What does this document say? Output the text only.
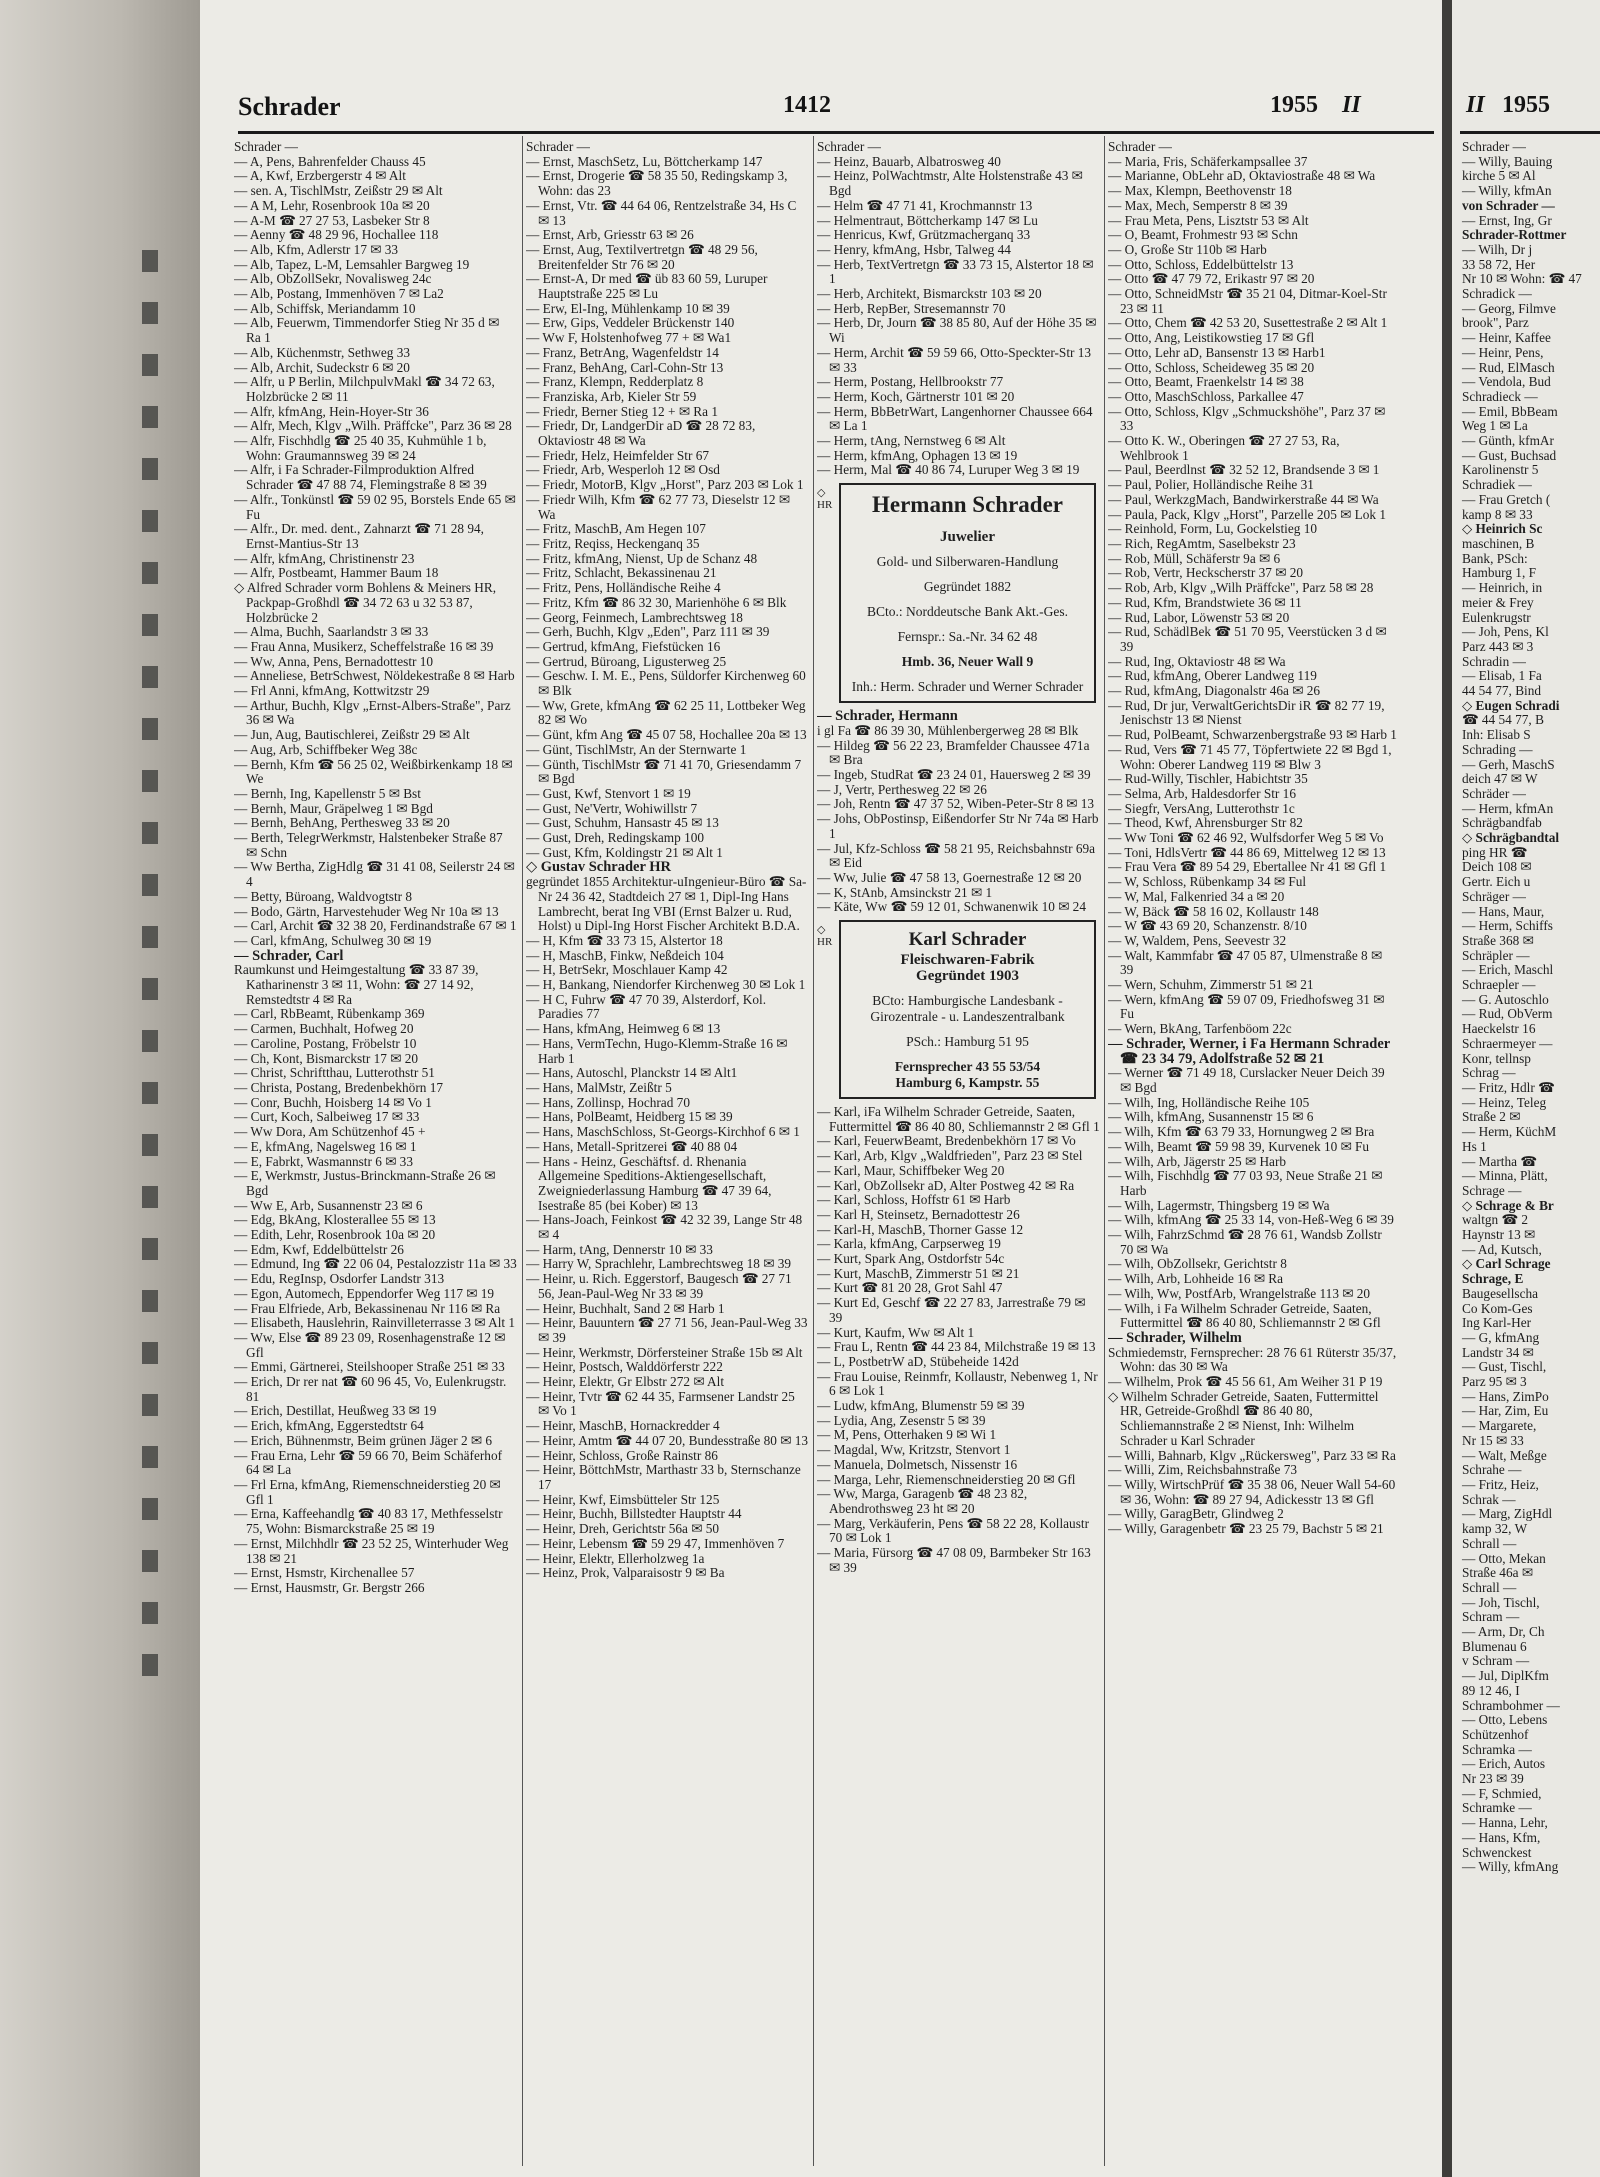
Schrader	1412	1955 II

Schrader —

— A, Pens, Bahrenfelder Chauss 45

— A, Kwf, Erzbergerstr 4 ✉ Alt

— sen. A, TischlMstr, Zeißstr 29 ✉ Alt

— A M, Lehr, Rosenbrook 10a ✉ 20

— A-M ☎ 27 27 53, Lasbeker Str 8

— Aenny ☎ 48 29 96, Hochallee 118

— Alb, Kfm, Adlerstr 17 ✉ 33

— Alb, Tapez, L-M, Lemsahler Bargweg 19

— Alb, ObZollSekr, Novalisweg 24c

— Alb, Postang, Immenhöven 7 ✉ La2

— Alb, Schiffsk, Meriandamm 10

— Alb, Feuerwm, Timmendorfer Stieg Nr 35 d ✉ Ra 1

— Alb, Küchenmstr, Sethweg 33

— Alb, Archit, Sudeckstr 6 ✉ 20

— Alfr, u P Berlin, MilchpulvMakl ☎ 34 72 63, Holzbrücke 2 ✉ 11

— Alfr, kfmAng, Hein-Hoyer-Str 36

— Alfr, Mech, Klgv „Wilh. Präffcke", Parz 36 ✉ 28

— Alfr, Fischhdlg ☎ 25 40 35, Kuhmühle 1 b, Wohn: Graumannsweg 39 ✉ 24

— Alfr, i Fa Schrader-Filmproduktion Alfred Schrader ☎ 47 88 74, Flemingstraße 8 ✉ 39

— Alfr., Tonkünstl ☎ 59 02 95, Borstels Ende 65 ✉ Fu

— Alfr., Dr. med. dent., Zahnarzt ☎ 71 28 94, Ernst-Mantius-Str 13

— Alfr, kfmAng, Christinenstr 23

— Alfr, Postbeamt, Hammer Baum 18

◇ Alfred Schrader vorm Bohlens & Meiners HR, Packpap-Großhdl ☎ 34 72 63 u 32 53 87, Holzbrücke 2

— Alma, Buchh, Saarlandstr 3 ✉ 33

— Frau Anna, Musikerz, Scheffelstraße 16 ✉ 39

— Ww, Anna, Pens, Bernadottestr 10

— Anneliese, BetrSchwest, Nöldekestraße 8 ✉ Harb

— Frl Anni, kfmAng, Kottwitzstr 29

— Arthur, Buchh, Klgv „Ernst-Albers-Straße", Parz 36 ✉ Wa

— Jun, Aug, Bautischlerei, Zeißstr 29 ✉ Alt

— Aug, Arb, Schiffbeker Weg 38c

— Bernh, Kfm ☎ 56 25 02, Weißbirkenkamp 18 ✉ We

— Bernh, Ing, Kapellenstr 5 ✉ Bst

— Bernh, Maur, Gräpelweg 1 ✉ Bgd

— Bernh, BehAng, Perthesweg 33 ✉ 20

— Berth, TelegrWerkmstr, Halstenbeker Straße 87 ✉ Schn

— Ww Bertha, ZigHdlg ☎ 31 41 08, Seilerstr 24 ✉ 4

— Betty, Büroang, Waldvogtstr 8

— Bodo, Gärtn, Harvestehuder Weg Nr 10a ✉ 13

— Carl, Archit ☎ 32 38 20, Ferdinandstraße 67 ✉ 1

— Carl, kfmAng, Schulweg 30 ✉ 19

— Schrader, Carl

Raumkunst und Heimgestaltung ☎ 33 87 39, Katharinenstr 3 ✉ 11, Wohn: ☎ 27 14 92, Remstedtstr 4 ✉ Ra

— Carl, RbBeamt, Rübenkamp 369

— Carmen, Buchhalt, Hofweg 20

— Caroline, Postang, Fröbelstr 10

— Ch, Kont, Bismarckstr 17 ✉ 20

— Christ, Schriftthau, Lutterothstr 51

— Christa, Postang, Bredenbekhörn 17

— Conr, Buchh, Hoisberg 14 ✉ Vo 1

— Curt, Koch, Salbeiweg 17 ✉ 33

— Ww Dora, Am Schützenhof 45 +

— E, kfmAng, Nagelsweg 16 ✉ 1

— E, Fabrkt, Wasmannstr 6 ✉ 33

— E, Werkmstr, Justus-Brinckmann-Straße 26 ✉ Bgd

— Ww E, Arb, Susannenstr 23 ✉ 6

— Edg, BkAng, Klosterallee 55 ✉ 13

— Edith, Lehr, Rosenbrook 10a ✉ 20

— Edm, Kwf, Eddelbüttelstr 26

— Edmund, Ing ☎ 22 06 04, Pestalozzistr 11a ✉ 33

— Edu, RegInsp, Osdorfer Landstr 313

— Egon, Automech, Eppendorfer Weg 117 ✉ 19

— Frau Elfriede, Arb, Bekassinenau Nr 116 ✉ Ra

— Elisabeth, Hauslehrin, Rainvilleterrasse 3 ✉ Alt 1

— Ww, Else ☎ 89 23 09, Rosenhagenstraße 12 ✉ Gfl

— Emmi, Gärtnerei, Steilshooper Straße 251 ✉ 33

— Erich, Dr rer nat ☎ 60 96 45, Vo, Eulenkrugstr. 81

— Erich, Destillat, Heußweg 33 ✉ 19

— Erich, kfmAng, Eggerstedtstr 64

— Erich, Bühnenmstr, Beim grünen Jäger 2 ✉ 6

— Frau Erna, Lehr ☎ 59 66 70, Beim Schäferhof 64 ✉ La

— Frl Erna, kfmAng, Riemenschneiderstieg 20 ✉ Gfl 1

— Erna, Kaffeehandlg ☎ 40 83 17, Methfesselstr 75, Wohn: Bismarckstraße 25 ✉ 19

— Ernst, Milchhdlr ☎ 23 52 25, Winterhuder Weg 138 ✉ 21

— Ernst, Hsmstr, Kirchenallee 57

— Ernst, Hausmstr, Gr. Bergstr 266

Schrader —

— Ernst, MaschSetz, Lu, Böttcherkamp 147

— Ernst, Drogerie ☎ 58 35 50, Redingskamp 3, Wohn: das 23

— Ernst, Vtr. ☎ 44 64 06, Rentzelstraße 34, Hs C ✉ 13

— Ernst, Arb, Griesstr 63 ✉ 26

— Ernst, Aug, Textilvertretgn ☎ 48 29 56, Breitenfelder Str 76 ✉ 20

— Ernst-A, Dr med ☎ üb 83 60 59, Luruper Hauptstraße 225 ✉ Lu

— Erw, El-Ing, Mühlenkamp 10 ✉ 39

— Erw, Gips, Veddeler Brückenstr 140

— Ww F, Holstenhofweg 77 + ✉ Wa1

— Franz, BetrAng, Wagenfeldstr 14

— Franz, BehAng, Carl-Cohn-Str 13

— Franz, Klempn, Redderplatz 8

— Franziska, Arb, Kieler Str 59

— Friedr, Berner Stieg 12 + ✉ Ra 1

— Friedr, Dr, LandgerDir aD ☎ 28 72 83, Oktaviostr 48 ✉ Wa

— Friedr, Helz, Heimfelder Str 67

— Friedr, Arb, Wesperloh 12 ✉ Osd

— Friedr, MotorB, Klgv „Horst", Parz 203 ✉ Lok 1

— Friedr Wilh, Kfm ☎ 62 77 73, Dieselstr 12 ✉ Wa

— Fritz, MaschB, Am Hegen 107

— Fritz, Reqiss, Heckenganq 35

— Fritz, kfmAng, Nienst, Up de Schanz 48

— Fritz, Schlacht, Bekassinenau 21

— Fritz, Pens, Holländische Reihe 4

— Fritz, Kfm ☎ 86 32 30, Marienhöhe 6 ✉ Blk

— Georg, Feinmech, Lambrechtsweg 18

— Gerh, Buchh, Klgv „Eden", Parz 111 ✉ 39

— Gertrud, kfmAng, Fiefstücken 16

— Gertrud, Büroang, Ligusterweg 25

— Geschw. I. M. E., Pens, Süldorfer Kirchenweg 60 ✉ Blk

— Ww, Grete, kfmAng ☎ 62 25 11, Lottbeker Weg 82 ✉ Wo

— Günt, kfm Ang ☎ 45 07 58, Hochallee 20a ✉ 13

— Günt, TischlMstr, An der Sternwarte 1

— Günth, TischlMstr ☎ 71 41 70, Griesendamm 7 ✉ Bgd

— Gust, Kwf, Stenvort 1 ✉ 19

— Gust, Ne'Vertr, Wohiwillstr 7

— Gust, Schuhm, Hansastr 45 ✉ 13

— Gust, Dreh, Redingskamp 100

— Gust, Kfm, Koldingstr 21 ✉ Alt 1

◇ Gustav Schrader HR

gegründet 1855 Architektur-uIngenieur-Büro ☎ Sa-Nr 24 36 42, Stadtdeich 27 ✉ 1, Dipl-Ing Hans Lambrecht, berat Ing VBI (Ernst Balzer u. Rud, Holst) u Dipl-Ing Horst Fischer Architekt B.D.A.

— H, Kfm ☎ 33 73 15, Alstertor 18

— H, MaschB, Finkw, Neßdeich 104

— H, BetrSekr, Moschlauer Kamp 42

— H, Bankang, Niendorfer Kirchenweg 30 ✉ Lok 1

— H C, Fuhrw ☎ 47 70 39, Alsterdorf, Kol. Paradies 77

— Hans, kfmAng, Heimweg 6 ✉ 13

— Hans, VermTechn, Hugo-Klemm-Straße 16 ✉ Harb 1

— Hans, Autoschl, Planckstr 14 ✉ Alt1

— Hans, MalMstr, Zeißtr 5

— Hans, Zollinsp, Hochrad 70

— Hans, PolBeamt, Heidberg 15 ✉ 39

— Hans, MaschSchloss, St-Georgs-Kirchhof 6 ✉ 1

— Hans, Metall-Spritzerei ☎ 40 88 04

— Hans - Heinz, Geschäftsf. d. Rhenania Allgemeine Speditions-Aktiengesellschaft, Zweigniederlassung Hamburg ☎ 47 39 64, Isestraße 85 (bei Kober) ✉ 13

— Hans-Joach, Feinkost ☎ 42 32 39, Lange Str 48 ✉ 4

— Harm, tAng, Dennerstr 10 ✉ 33

— Harry W, Sprachlehr, Lambrechtsweg 18 ✉ 39

— Heinr, u. Rich. Eggerstorf, Baugesch ☎ 27 71 56, Jean-Paul-Weg Nr 33 ✉ 39

— Heinr, Buchhalt, Sand 2 ✉ Harb 1

— Heinr, Bauuntern ☎ 27 71 56, Jean-Paul-Weg 33 ✉ 39

— Heinr, Werkmstr, Dörfersteiner Straße 15b ✉ Alt

— Heinr, Postsch, Walddörferstr 222

— Heinr, Elektr, Gr Elbstr 272 ✉ Alt

— Heinr, Tvtr ☎ 62 44 35, Farmsener Landstr 25 ✉ Vo 1

— Heinr, MaschB, Hornackredder 4

— Heinr, Amtm ☎ 44 07 20, Bundesstraße 80 ✉ 13

— Heinr, Schloss, Große Rainstr 86

— Heinr, BöttchMstr, Marthastr 33 b, Sternschanze 17

— Heinr, Kwf, Eimsbütteler Str 125

— Heinr, Buchh, Billstedter Hauptstr 44

— Heinr, Dreh, Gerichtstr 56a ✉ 50

— Heinr, Lebensm ☎ 59 29 47, Immenhöven 7

— Heinr, Elektr, Ellerholzweg 1a

— Heinz, Prok, Valparaisostr 9 ✉ Ba

Schrader —

— Heinz, Bauarb, Albatrosweg 40

— Heinz, PolWachtmstr, Alte Holstenstraße 43 ✉ Bgd

— Helm ☎ 47 71 41, Krochmannstr 13

— Helmentraut, Böttcherkamp 147 ✉ Lu

— Henricus, Kwf, Grützmacherganq 33

— Henry, kfmAng, Hsbr, Talweg 44

— Herb, TextVertretgn ☎ 33 73 15, Alstertor 18 ✉ 1

— Herb, Architekt, Bismarckstr 103 ✉ 20

— Herb, RepBer, Stresemannstr 70

— Herb, Dr, Journ ☎ 38 85 80, Auf der Höhe 35 ✉ Wi

— Herm, Archit ☎ 59 59 66, Otto-Speckter-Str 13 ✉ 33

— Herm, Postang, Hellbrookstr 77

— Herm, Koch, Gärtnerstr 101 ✉ 20

— Herm, BbBetrWart, Langenhorner Chaussee 664 ✉ La 1

— Herm, tAng, Nernstweg 6 ✉ Alt

— Herm, kfmAng, Ophagen 13 ✉ 19

— Herm, Mal ☎ 40 86 74, Luruper Weg 3 ✉ 19

◇ HR	Hermann Schrader
Juwelier
Gold- und Silberwaren-Handlung
Gegründet 1882
BCto.: Norddeutsche Bank Akt.-Ges.
Fernspr.: Sa.-Nr. 34 62 48
Hmb. 36, Neuer Wall 9
Inh.: Herm. Schrader und Werner Schrader

— Schrader, Hermann

i gl Fa ☎ 86 39 30, Mühlenbergerweg 28 ✉ Blk

— Hildeg ☎ 56 22 23, Bramfelder Chaussee 471a ✉ Bra

— Ingeb, StudRat ☎ 23 24 01, Hauersweg 2 ✉ 39

— J, Vertr, Perthesweg 22 ✉ 26

— Joh, Rentn ☎ 47 37 52, Wiben-Peter-Str 8 ✉ 13

— Johs, ObPostinsp, Eißendorfer Str Nr 74a ✉ Harb 1

— Jul, Kfz-Schloss ☎ 58 21 95, Reichsbahnstr 69a ✉ Eid

— Ww, Julie ☎ 47 58 13, Goernestraße 12 ✉ 20

— K, StAnb, Amsinckstr 21 ✉ 1

— Käte, Ww ☎ 59 12 01, Schwanenwik 10 ✉ 24

◇ HR	Karl Schrader
Fleischwaren-Fabrik
Gegründet 1903
BCto: Hamburgische Landesbank - Girozentrale - u. Landeszentralbank
PSch.: Hamburg 51 95
Fernsprecher 43 55 53/54
Hamburg 6, Kampstr. 55

— Karl, iFa Wilhelm Schrader Getreide, Saaten, Futtermittel ☎ 86 40 80, Schliemannstr 2 ✉ Gfl 1

— Karl, FeuerwBeamt, Bredenbekhörn 17 ✉ Vo

— Karl, Arb, Klgv „Waldfrieden", Parz 23 ✉ Stel

— Karl, Maur, Schiffbeker Weg 20

— Karl, ObZollsekr aD, Alter Postweg 42 ✉ Ra

— Karl, Schloss, Hoffstr 61 ✉ Harb

— Karl H, Steinsetz, Bernadottestr 26

— Karl-H, MaschB, Thorner Gasse 12

— Karla, kfmAng, Carpserweg 19

— Kurt, Spark Ang, Ostdorfstr 54c

— Kurt, MaschB, Zimmerstr 51 ✉ 21

— Kurt ☎ 81 20 28, Grot Sahl 47

— Kurt Ed, Geschf ☎ 22 27 83, Jarrestraße 79 ✉ 39

— Kurt, Kaufm, Ww ✉ Alt 1

— Frau L, Rentn ☎ 44 23 84, Milchstraße 19 ✉ 13

— L, PostbetrW aD, Stübeheide 142d

— Frau Louise, Reinmfr, Kollaustr, Nebenweg 1, Nr 6 ✉ Lok 1

— Ludw, kfmAng, Blumenstr 59 ✉ 39

— Lydia, Ang, Zesenstr 5 ✉ 39

— M, Pens, Otterhaken 9 ✉ Wi 1

— Magdal, Ww, Kritzstr, Stenvort 1

— Manuela, Dolmetsch, Nissenstr 16

— Marga, Lehr, Riemenschneiderstieg 20 ✉ Gfl

— Ww, Marga, Garagenb ☎ 48 23 82, Abendrothsweg 23 ht ✉ 20

— Marg, Verkäuferin, Pens ☎ 58 22 28, Kollaustr 70 ✉ Lok 1

— Maria, Fürsorg ☎ 47 08 09, Barmbeker Str 163 ✉ 39

Schrader —

— Maria, Fris, Schäferkampsallee 37

— Marianne, ObLehr aD, Oktaviostraße 48 ✉ Wa

— Max, Klempn, Beethovenstr 18

— Max, Mech, Semperstr 8 ✉ 39

— Frau Meta, Pens, Lisztstr 53 ✉ Alt

— O, Beamt, Frohmestr 93 ✉ Schn

— O, Große Str 110b ✉ Harb

— Otto, Schloss, Eddelbüttelstr 13

— Otto ☎ 47 79 72, Erikastr 97 ✉ 20

— Otto, SchneidMstr ☎ 35 21 04, Ditmar-Koel-Str 23 ✉ 11

— Otto, Chem ☎ 42 53 20, Susettestraße 2 ✉ Alt 1

— Otto, Ang, Leistikowstieg 17 ✉ Gfl

— Otto, Lehr aD, Bansenstr 13 ✉ Harb1

— Otto, Schloss, Scheideweg 35 ✉ 20

— Otto, Beamt, Fraenkelstr 14 ✉ 38

— Otto, MaschSchloss, Parkallee 47

— Otto, Schloss, Klgv „Schmuckshöhe", Parz 37 ✉ 33

— Otto K. W., Oberingen ☎ 27 27 53, Ra, Wehlbrook 1

— Paul, Beerdlnst ☎ 32 52 12, Brandsende 3 ✉ 1

— Paul, Polier, Holländische Reihe 31

— Paul, WerkzgMach, Bandwirkerstraße 44 ✉ Wa

— Paula, Pack, Klgv „Horst", Parzelle 205 ✉ Lok 1

— Reinhold, Form, Lu, Gockelstieg 10

— Rich, RegAmtm, Saselbekstr 23

— Rob, Müll, Schäferstr 9a ✉ 6

— Rob, Vertr, Heckscherstr 37 ✉ 20

— Rob, Arb, Klgv „Wilh Präffcke", Parz 58 ✉ 28

— Rud, Kfm, Brandstwiete 36 ✉ 11

— Rud, Labor, Löwenstr 53 ✉ 20

— Rud, SchädlBek ☎ 51 70 95, Veerstücken 3 d ✉ 39

— Rud, Ing, Oktaviostr 48 ✉ Wa

— Rud, kfmAng, Oberer Landweg 119

— Rud, kfmAng, Diagonalstr 46a ✉ 26

— Rud, Dr jur, VerwaltGerichtsDir iR ☎ 82 77 19, Jenischstr 13 ✉ Nienst

— Rud, PolBeamt, Schwarzenbergstraße 93 ✉ Harb 1

— Rud, Vers ☎ 71 45 77, Töpfertwiete 22 ✉ Bgd 1, Wohn: Oberer Landweg 119 ✉ Blw 3

— Rud-Willy, Tischler, Habichtstr 35

— Selma, Arb, Haldesdorfer Str 16

— Siegfr, VersAng, Lutterothstr 1c

— Theod, Kwf, Ahrensburger Str 82

— Ww Toni ☎ 62 46 92, Wulfsdorfer Weg 5 ✉ Vo

— Toni, HdlsVertr ☎ 44 86 69, Mittelweg 12 ✉ 13

— Frau Vera ☎ 89 54 29, Ebertallee Nr 41 ✉ Gfl 1

— W, Schloss, Rübenkamp 34 ✉ Ful

— W, Mal, Falkenried 34 a ✉ 20

— W, Bäck ☎ 58 16 02, Kollaustr 148

— W ☎ 43 69 20, Schanzenstr. 8/10

— W, Waldem, Pens, Seevestr 32

— Walt, Kammfabr ☎ 47 05 87, Ulmenstraße 8 ✉ 39

— Wern, Schuhm, Zimmerstr 51 ✉ 21

— Wern, kfmAng ☎ 59 07 09, Friedhofsweg 31 ✉ Fu

— Wern, BkAng, Tarfenböom 22c

— Schrader, Werner, i Fa Hermann Schrader ☎ 23 34 79, Adolfstraße 52 ✉ 21

— Werner ☎ 71 49 18, Curslacker Neuer Deich 39 ✉ Bgd

— Wilh, Ing, Holländische Reihe 105

— Wilh, kfmAng, Susannenstr 15 ✉ 6

— Wilh, Kfm ☎ 63 79 33, Hornungweg 2 ✉ Bra

— Wilh, Beamt ☎ 59 98 39, Kurvenek 10 ✉ Fu

— Wilh, Arb, Jägerstr 25 ✉ Harb

— Wilh, Fischhdlg ☎ 77 03 93, Neue Straße 21 ✉ Harb

— Wilh, Lagermstr, Thingsberg 19 ✉ Wa

— Wilh, kfmAng ☎ 25 33 14, von-Heß-Weg 6 ✉ 39

— Wilh, FahrzSchmd ☎ 28 76 61, Wandsb Zollstr 70 ✉ Wa

— Wilh, ObZollsekr, Gerichtstr 8

— Wilh, Arb, Lohheide 16 ✉ Ra

— Wilh, Ww, PostfArb, Wrangelstraße 113 ✉ 20

— Wilh, i Fa Wilhelm Schrader Getreide, Saaten, Futtermittel ☎ 86 40 80, Schliemannstr 2 ✉ Gfl

— Schrader, Wilhelm

Schmiedemstr, Fernsprecher: 28 76 61 Rüterstr 35/37, Wohn: das 30 ✉ Wa

— Wilhelm, Prok ☎ 45 56 61, Am Weiher 31 P 19

◇ Wilhelm Schrader Getreide, Saaten, Futtermittel HR, Getreide-Großhdl ☎ 86 40 80, Schliemannstraße 2 ✉ Nienst, Inh: Wilhelm Schrader u Karl Schrader

— Willi, Bahnarb, Klgv „Rückersweg", Parz 33 ✉ Ra

— Willi, Zim, Reichsbahnstraße 73

— Willy, WirtschPrüf ☎ 35 38 06, Neuer Wall 54-60 ✉ 36, Wohn: ☎ 89 27 94, Adickesstr 13 ✉ Gfl

— Willy, GaragBetr, Glindweg 2

— Willy, Garagenbetr ☎ 23 25 79, Bachstr 5 ✉ 21

II 1955

Schrader —

— Willy, Bauing

kirche 5 ✉ Al

— Willy, kfmAn

von Schrader —

— Ernst, Ing, Gr

Schrader-Rottmer

— Wilh, Dr j

33 58 72, Her

Nr 10 ✉ Wohn: ☎ 47

Schradick —

— Georg, Filmve

brook", Parz

— Heinr, Kaffee

— Heinr, Pens,

— Rud, ElMasch

— Vendola, Bud

Schradieck —

— Emil, BbBeam

Weg 1 ✉ La

— Günth, kfmAr

— Gust, Buchsad

Karolinenstr 5

Schradiek —

— Frau Gretch (

kamp 8 ✉ 33

◇ Heinrich Sc

maschinen, B

Bank, PSch:

Hamburg 1, F

— Heinrich, in

meier & Frey

Eulenkrugstr

— Joh, Pens, Kl

Parz 443 ✉ 3

Schradin —

— Elisab, 1 Fa

44 54 77, Bind

◇ Eugen Schradi

☎ 44 54 77, B

Inh: Elisab S

Schrading —

— Gerh, MaschS

deich 47 ✉ W

Schräder —

— Herm, kfmAn

Schrägbandfab

◇ Schrägbandtal

ping HR ☎

Deich 108 ✉

Gertr. Eich u

Schräger —

— Hans, Maur,

— Herm, Schiffs

Straße 368 ✉

Schräpler —

— Erich, Maschl

Schraepler —

— G. Autoschlo

— Rud, ObVerm

Haeckelstr 16

Schraermeyer —

Konr, tellnsp

Schrag —

— Fritz, Hdlr ☎

— Heinz, Teleg

Straße 2 ✉

— Herm, KüchM

Hs 1

— Martha ☎

— Minna, Plätt,

Schrage —

◇ Schrage & Br

waltgn ☎ 2

Haynstr 13 ✉

— Ad, Kutsch,

◇ Carl Schrage

Schrage, E

Baugesellscha

Co Kom-Ges

Ing Karl-Her

— G, kfmAng

Landstr 34 ✉

— Gust, Tischl,

Parz 95 ✉ 3

— Hans, ZimPo

— Har, Zim, Eu

— Margarete,

Nr 15 ✉ 33

— Walt, Meßge

Schrahe —

— Fritz, Heiz,

Schrak —

— Marg, ZigHdl

kamp 32, W

Schrall —

— Otto, Mekan

Straße 46a ✉

Schrall —

— Joh, Tischl,

Schram —

— Arm, Dr, Ch

Blumenau 6

v Schram —

— Jul, DiplKfm

89 12 46, I

Schrambohmer —

— Otto, Lebens

Schützenhof

Schramka —

— Erich, Autos

Nr 23 ✉ 39

— F, Schmied,

Schramke —

— Hanna, Lehr,

— Hans, Kfm,

Schwenckest

— Willy, kfmAng
